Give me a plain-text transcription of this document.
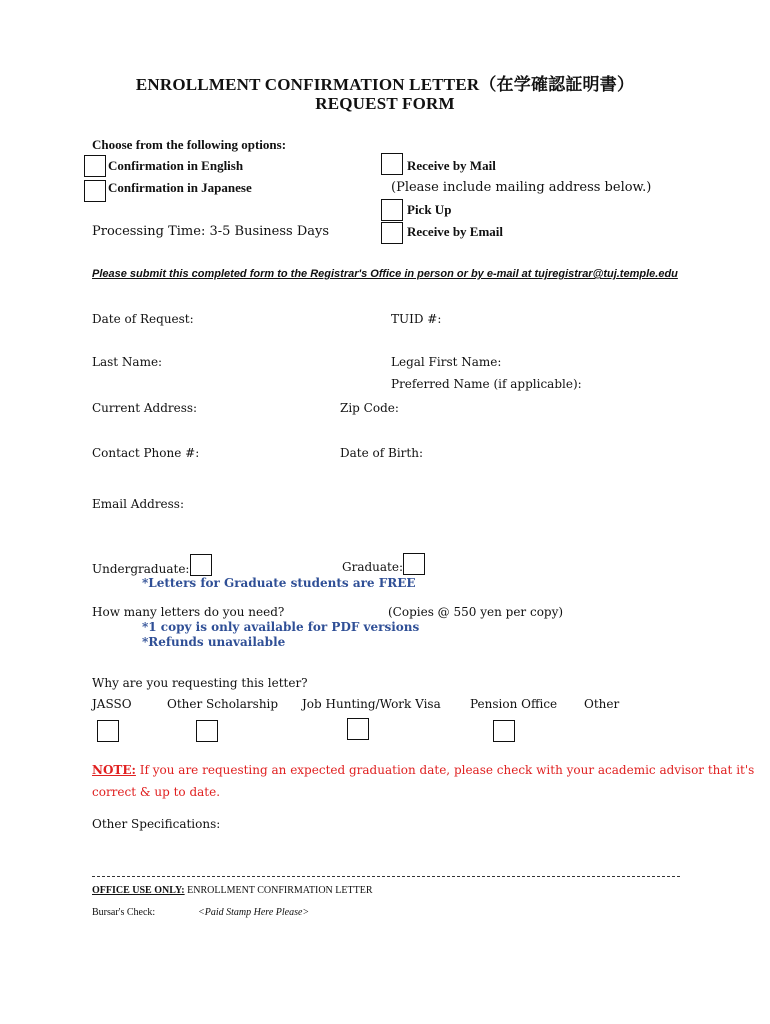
ENROLLMENT CONFIRMATION LETTER（在学確認証明書）
REQUEST FORM
Choose from the following options:
Confirmation in English
Confirmation in Japanese
Receive by Mail
(Please include mailing address below.)
Pick Up
Processing Time: 3-5 Business Days	Receive by Email
Please submit this completed form to the Registrar's Office in person or by e-mail at tujregistrar@tuj.temple.edu
Date of Request:	TUID #:
Last Name:	Legal First Name:
Preferred Name (if applicable):
Current Address:	Zip Code:
Contact Phone #:	Date of Birth:
Email Address:
Undergraduate:	Graduate:
*Letters for Graduate students are FREE
How many letters do you need?	(Copies @ 550 yen per copy)
*1 copy is only available for PDF versions
*Refunds unavailable
Why are you requesting this letter?
JASSO	Other Scholarship Job Hunting/Work Visa Pension Office Other
NOTE: If you are requesting an expected graduation date, please check with your academic advisor that it's
correct & up to date.
Other Specifications:
OFFICE USE ONLY: ENROLLMENT CONFIRMATION LETTER
Bursar's Check:	<Paid Stamp Here Please>
